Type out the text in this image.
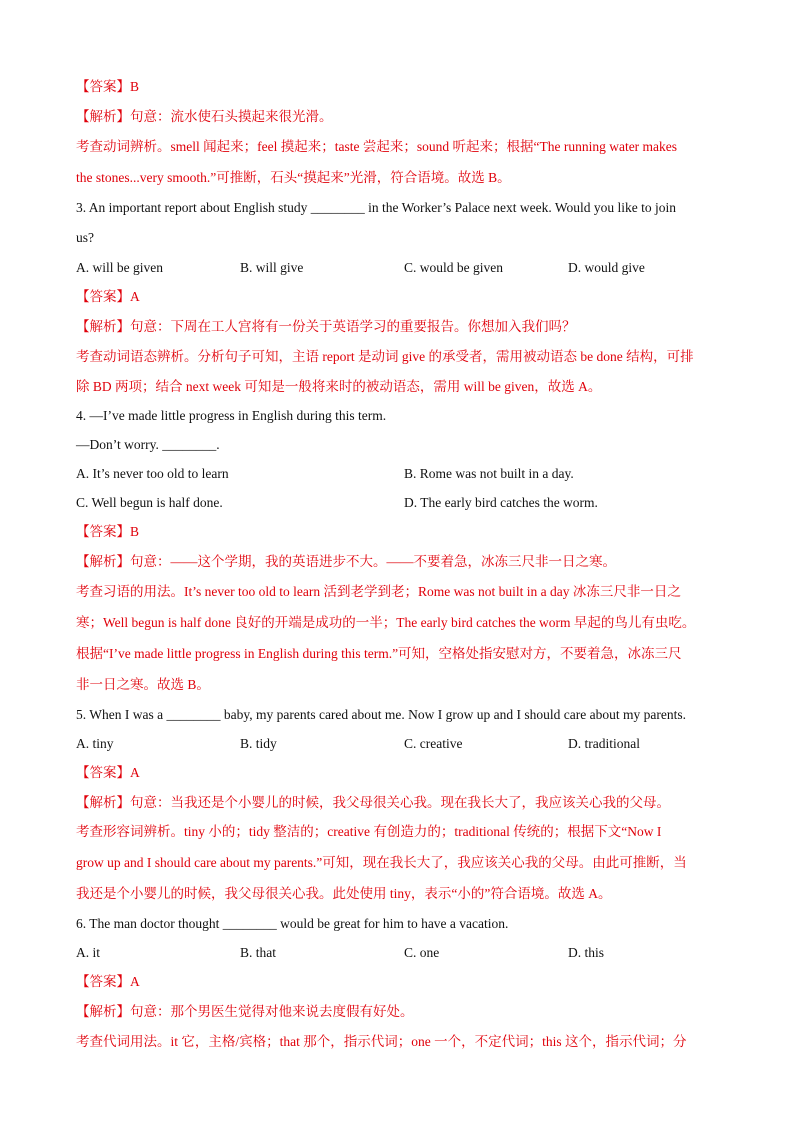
【答案】B
【解析】句意：流水使石头摸起来很光滑。
考查动词辨析。smell 闻起来；feel 摸起来；taste 尝起来；sound 听起来；根据“The running water makes
the stones...very smooth.”可推断，石头“摸起来”光滑，符合语境。故选 B。
3. An important report about English study ________ in the Worker’s Palace next week. Would you like to join
us?
A. will be given	B. will give	C. would be given	D. would give
【答案】A
【解析】句意：下周在工人宫将有一份关于英语学习的重要报告。你想加入我们吗？
考查动词语态辨析。分析句子可知，主语 report 是动词 give 的承受者，需用被动语态 be done 结构，可排
除 BD 两项；结合 next week 可知是一般将来时的被动语态，需用 will be given，故选 A。
4. —I’ve made little progress in English during this term.
—Don’t worry. ________.
A. It’s never too old to learn	B. Rome was not built in a day.
C. Well begun is half done.	D. The early bird catches the worm.
【答案】B
【解析】句意：——这个学期，我的英语进步不大。——不要着急，冰冻三尺非一日之寒。
考查习语的用法。It’s never too old to learn 活到老学到老；Rome was not built in a day 冰冻三尺非一日之
寒；Well begun is half done 良好的开端是成功的一半；The early bird catches the worm 早起的鸟儿有虫吃。
根据“I’ve made little progress in English during this term.”可知，空格处指安慰对方，不要着急，冰冻三尺
非一日之寒。故选 B。
5. When I was a ________ baby, my parents cared about me. Now I grow up and I should care about my parents.
A. tiny	B. tidy	C. creative	D. traditional
【答案】A
【解析】句意：当我还是个小婴儿的时候，我父母很关心我。现在我长大了，我应该关心我的父母。
考查形容词辨析。tiny 小的；tidy 整洁的；creative 有创造力的；traditional 传统的；根据下文“Now I
grow up and I should care about my parents.”可知，现在我长大了，我应该关心我的父母。由此可推断，当
我还是个小婴儿的时候，我父母很关心我。此处使用 tiny，表示“小的”符合语境。故选 A。
6. The man doctor thought ________ would be great for him to have a vacation.
A. it	B. that	C. one	D. this
【答案】A
【解析】句意：那个男医生觉得对他来说去度假有好处。
考查代词用法。it 它，主格/宾格；that 那个，指示代词；one 一个，不定代词；this 这个，指示代词；分
